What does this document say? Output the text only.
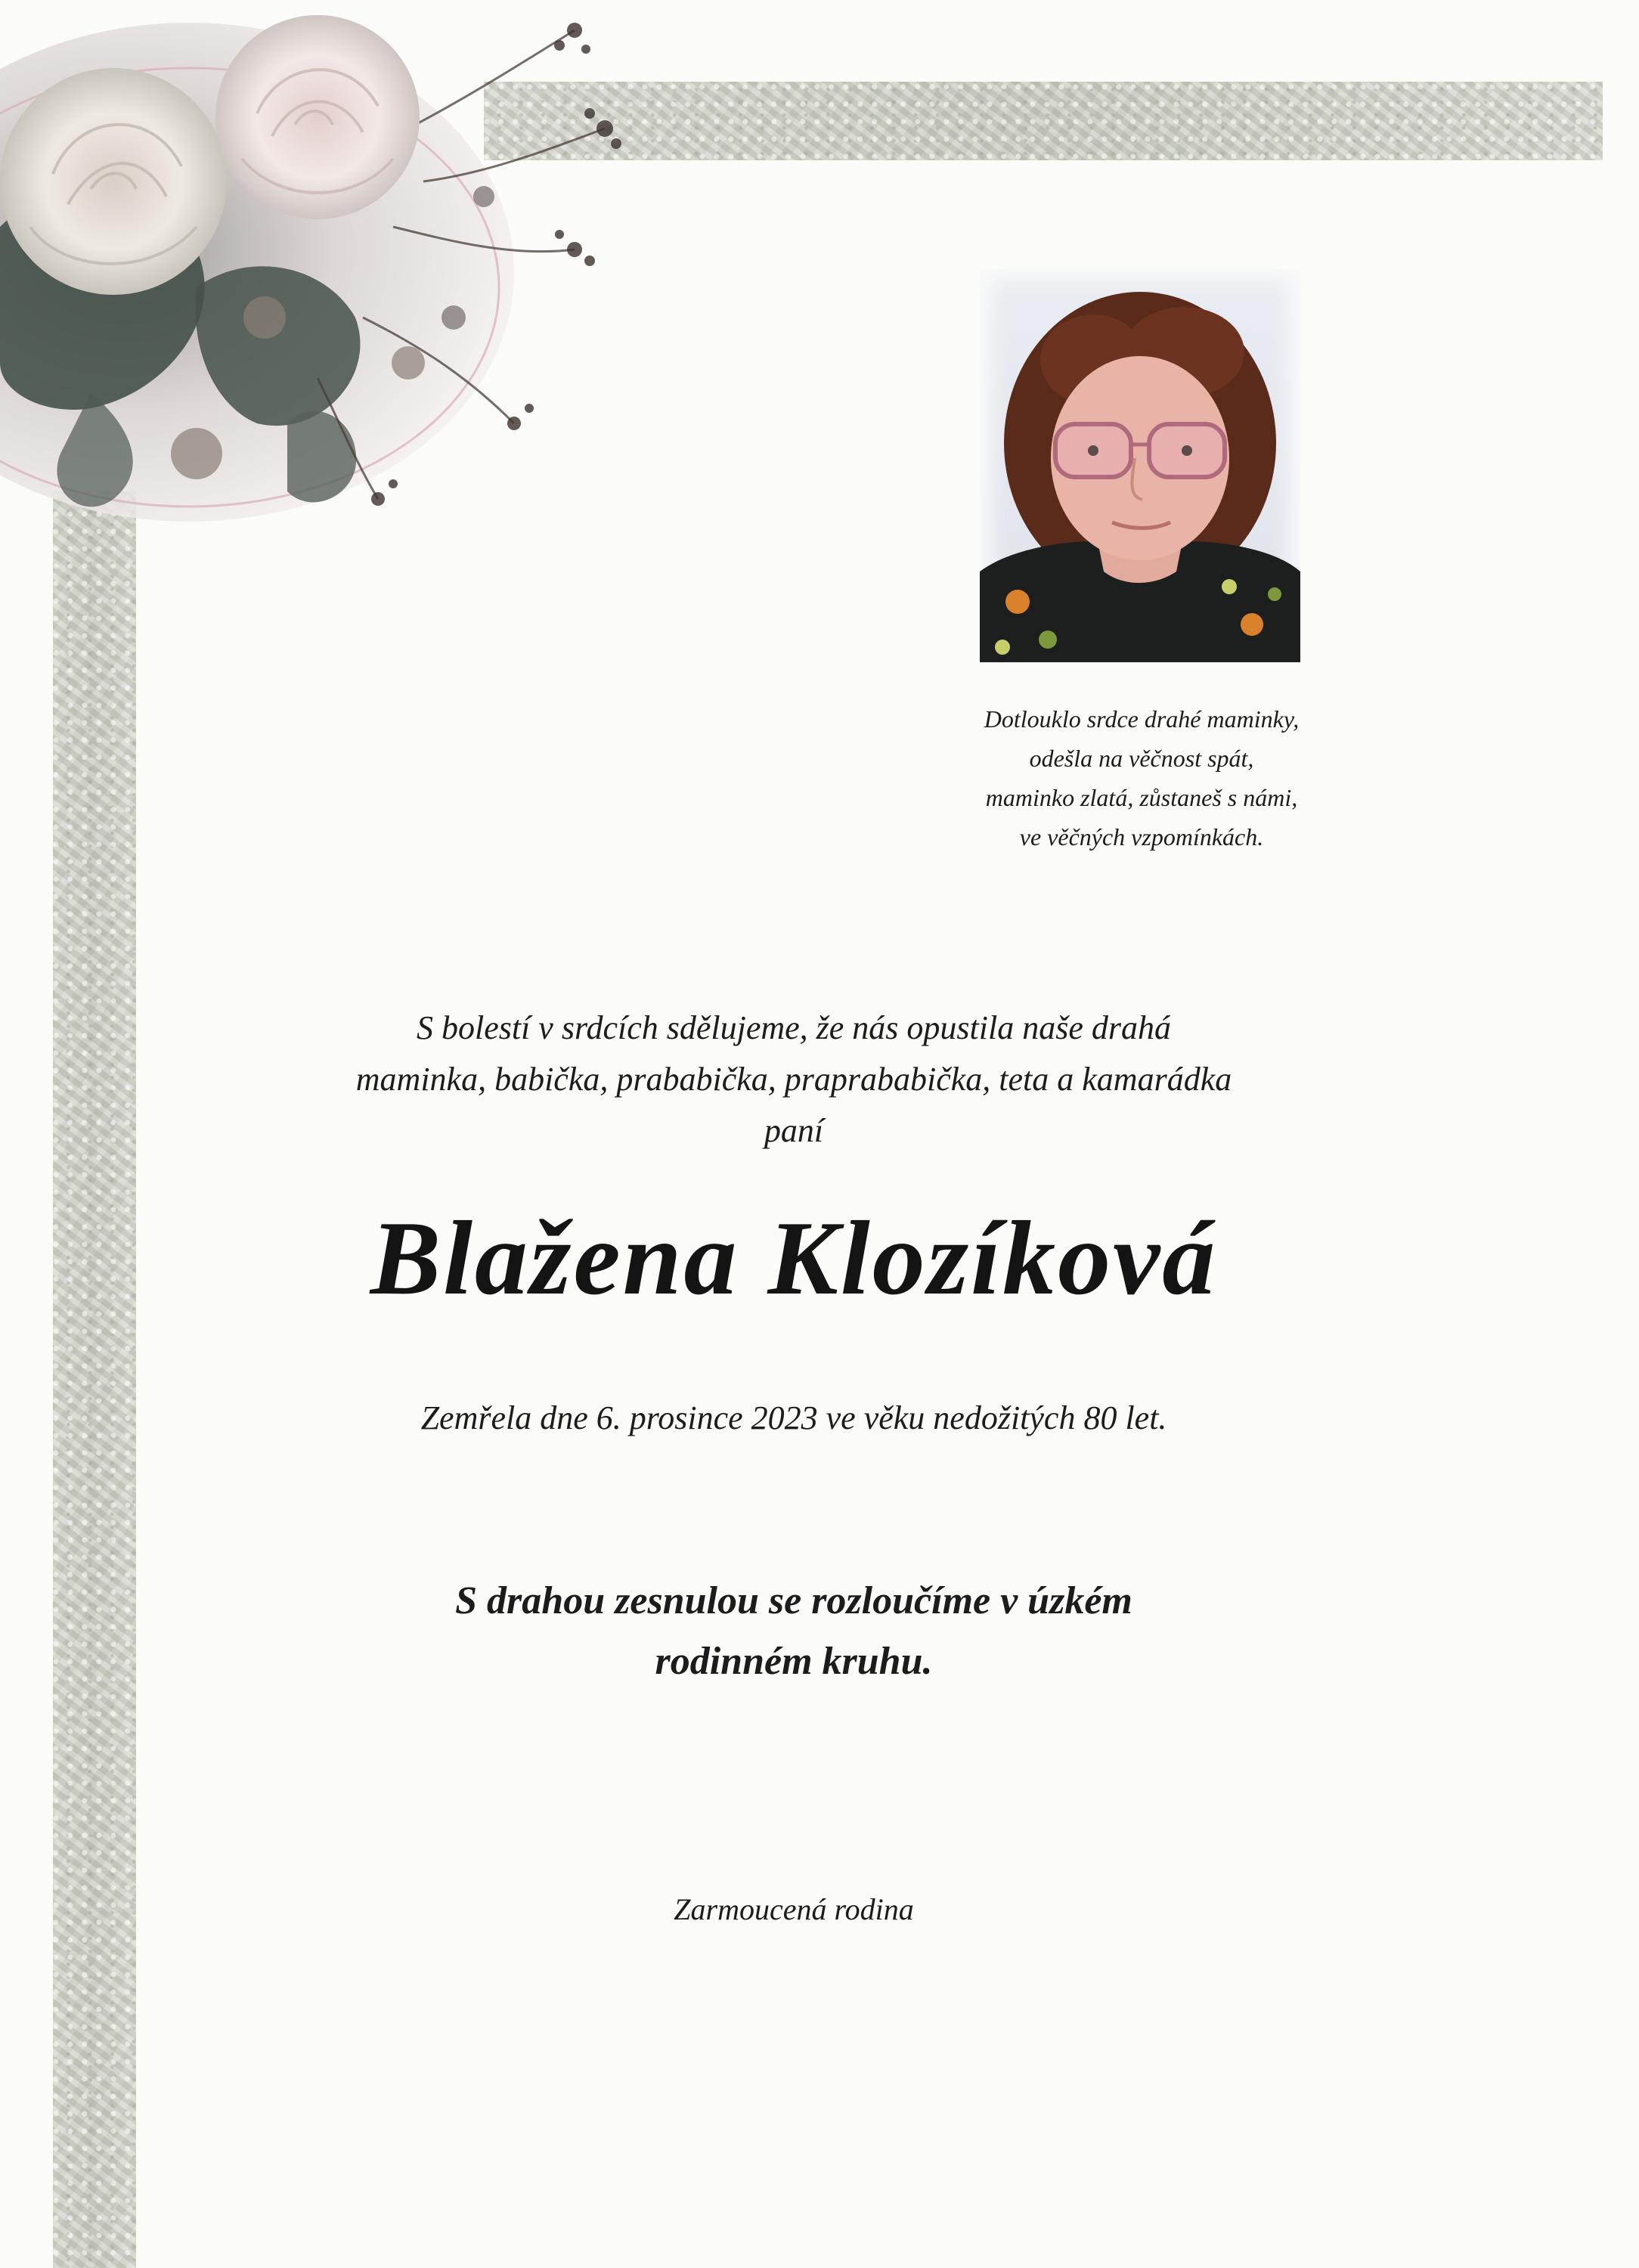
Dotlouklo srdce drahé maminky,
odešla na věčnost spát,
maminko zlatá, zůstaneš s námi,
ve věčných vzpomínkách.
S bolestí v srdcích sdělujeme, že nás opustila naše drahá
maminka, babička, prababička, praprababička, teta a kamarádka
paní
Blažena Klozíková
Zemřela dne 6. prosince 2023 ve věku nedožitých 80 let.
S drahou zesnulou se rozloučíme v úzkém
rodinném kruhu.
Zarmoucená rodina
